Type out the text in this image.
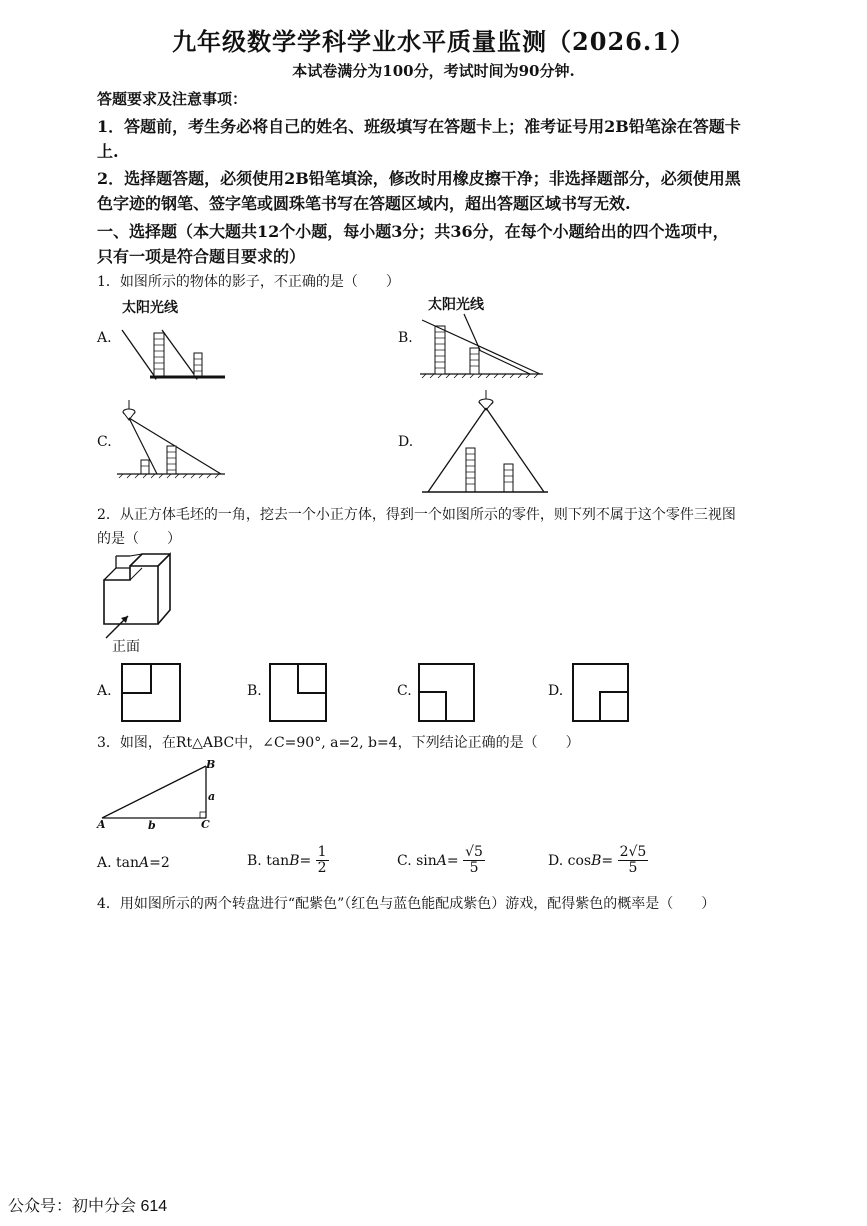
九年级数学学科学业水平质量监测（2026.1）
本试卷满分为100分，考试时间为90分钟.
答题要求及注意事项：
1．答题前，考生务必将自己的姓名、班级填写在答题卡上；准考证号用2B铅笔涂在答题卡
上.
2．选择题答题，必须使用2B铅笔填涂，修改时用橡皮擦干净；非选择题部分，必须使用黑
色字迹的钢笔、签字笔或圆珠笔书写在答题区域内，超出答题区域书写无效.
一、选择题（本大题共12个小题，每小题3分；共36分，在每个小题给出的四个选项中，
只有一项是符合题目要求的）
1．如图所示的物体的影子，不正确的是（　　）
太阳光线
A.
太阳光线
B.
C.	D.
2．从正方体毛坯的一角，挖去一个小正方体，得到一个如图所示的零件，则下列不属于这个零件三视图
的是（　　）
正面
A.	B.	C.	D.
3．如图，在Rt△ABC中，∠C=90°, a=2, b=4，下列结论正确的是（　　）
A
B
C
a
b
A. tanA=2	B. $\tan B= \frac{1}{2}$	C. $\sin A= \frac{√5}{5}$	D. $\cos B= \frac{2√5}{5}$
4．用如图所示的两个转盘进行“配紫色”（红色与蓝色能配成紫色）游戏，配得紫色的概率是（　　）
公众号：初中分会 614
